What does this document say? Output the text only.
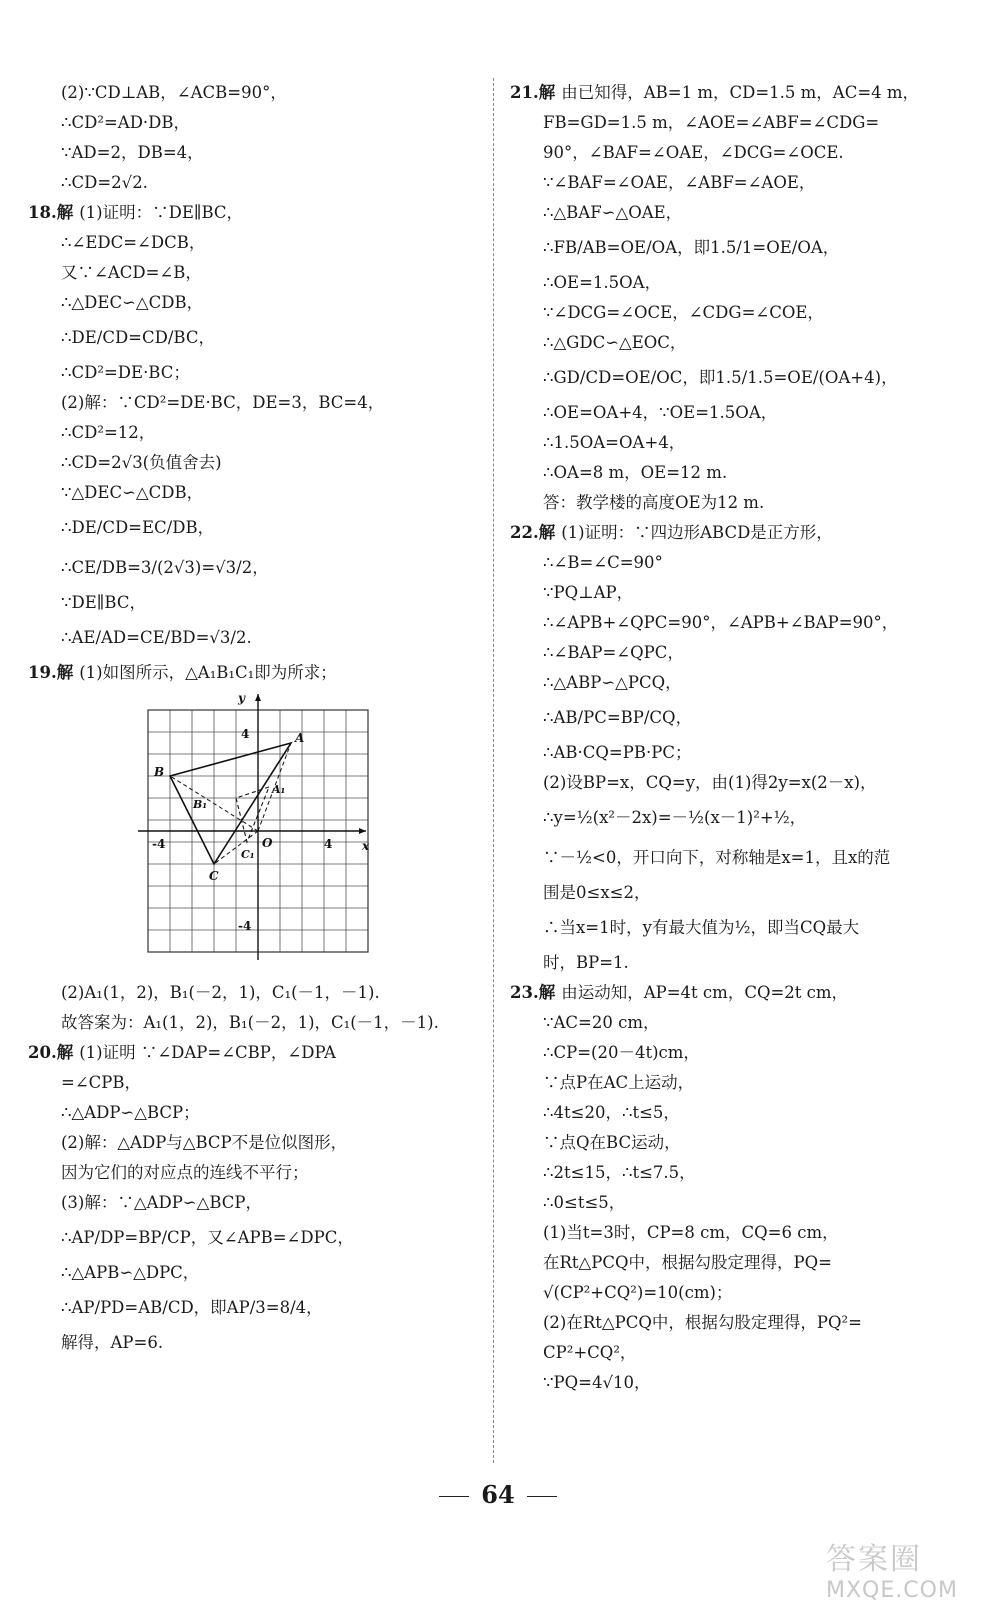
(2)∵CD⊥AB，∠ACB=90°，
∴CD²=AD·DB，
∵AD=2，DB=4，
∴CD=2√2.
18.解 (1)证明：∵DE∥BC，
∴∠EDC=∠DCB，
又∵∠ACD=∠B，
∴△DEC∽△CDB，
∴DE/CD=CD/BC，
∴CD²=DE·BC；
(2)解：∵CD²=DE·BC，DE=3，BC=4，
∴CD²=12，
∴CD=2√3(负值舍去)
∵△DEC∽△CDB，
∴DE/CD=EC/DB，
∴CE/DB=3/(2√3)=√3/2，
∵DE∥BC，
∴AE/AD=CE/BD=√3/2.
19.解 (1)如图所示，△A₁B₁C₁即为所求；
y
x
4
-4
4
-4	O
A
B
C
A₁
B₁
C₁
(2)A₁(1，2)，B₁(－2，1)，C₁(－1，－1).
故答案为：A₁(1，2)，B₁(－2，1)，C₁(－1，－1).
20.解 (1)证明 ∵∠DAP=∠CBP，∠DPA
=∠CPB，
∴△ADP∽△BCP；
(2)解：△ADP与△BCP不是位似图形，
因为它们的对应点的连线不平行；
(3)解：∵△ADP∽△BCP，
∴AP/DP=BP/CP，又∠APB=∠DPC，
∴△APB∽△DPC，
∴AP/PD=AB/CD，即AP/3=8/4，
解得，AP=6.
21.解 由已知得，AB=1 m，CD=1.5 m，AC=4 m，
FB=GD=1.5 m，∠AOE=∠ABF=∠CDG=
90°，∠BAF=∠OAE，∠DCG=∠OCE.
∵∠BAF=∠OAE，∠ABF=∠AOE，
∴△BAF∽△OAE，
∴FB/AB=OE/OA，即1.5/1=OE/OA，
∴OE=1.5OA，
∵∠DCG=∠OCE，∠CDG=∠COE，
∴△GDC∽△EOC，
∴GD/CD=OE/OC，即1.5/1.5=OE/(OA+4)，
∴OE=OA+4，∵OE=1.5OA，
∴1.5OA=OA+4，
∴OA=8 m，OE=12 m.
答：教学楼的高度OE为12 m.
22.解 (1)证明：∵四边形ABCD是正方形，
∴∠B=∠C=90°
∵PQ⊥AP，
∴∠APB+∠QPC=90°，∠APB+∠BAP=90°，
∴∠BAP=∠QPC，
∴△ABP∽△PCQ，
∴AB/PC=BP/CQ，
∴AB·CQ=PB·PC；
(2)设BP=x，CQ=y，由(1)得2y=x(2－x)，
∴y=½(x²－2x)=－½(x－1)²+½，
∵－½<0，开口向下，对称轴是x=1，且x的范
围是0≤x≤2，
∴当x=1时，y有最大值为½，即当CQ最大
时，BP=1.
23.解 由运动知，AP=4t cm，CQ=2t cm，
∵AC=20 cm，
∴CP=(20－4t)cm，
∵点P在AC上运动，
∴4t≤20，∴t≤5，
∵点Q在BC运动，
∴2t≤15，∴t≤7.5，
∴0≤t≤5，
(1)当t=3时，CP=8 cm，CQ=6 cm，
在Rt△PCQ中，根据勾股定理得，PQ=
√(CP²+CQ²)=10(cm)；
(2)在Rt△PCQ中，根据勾股定理得，PQ²=
CP²+CQ²，
∵PQ=4√10，
64
答案圈
MXQE.COM
